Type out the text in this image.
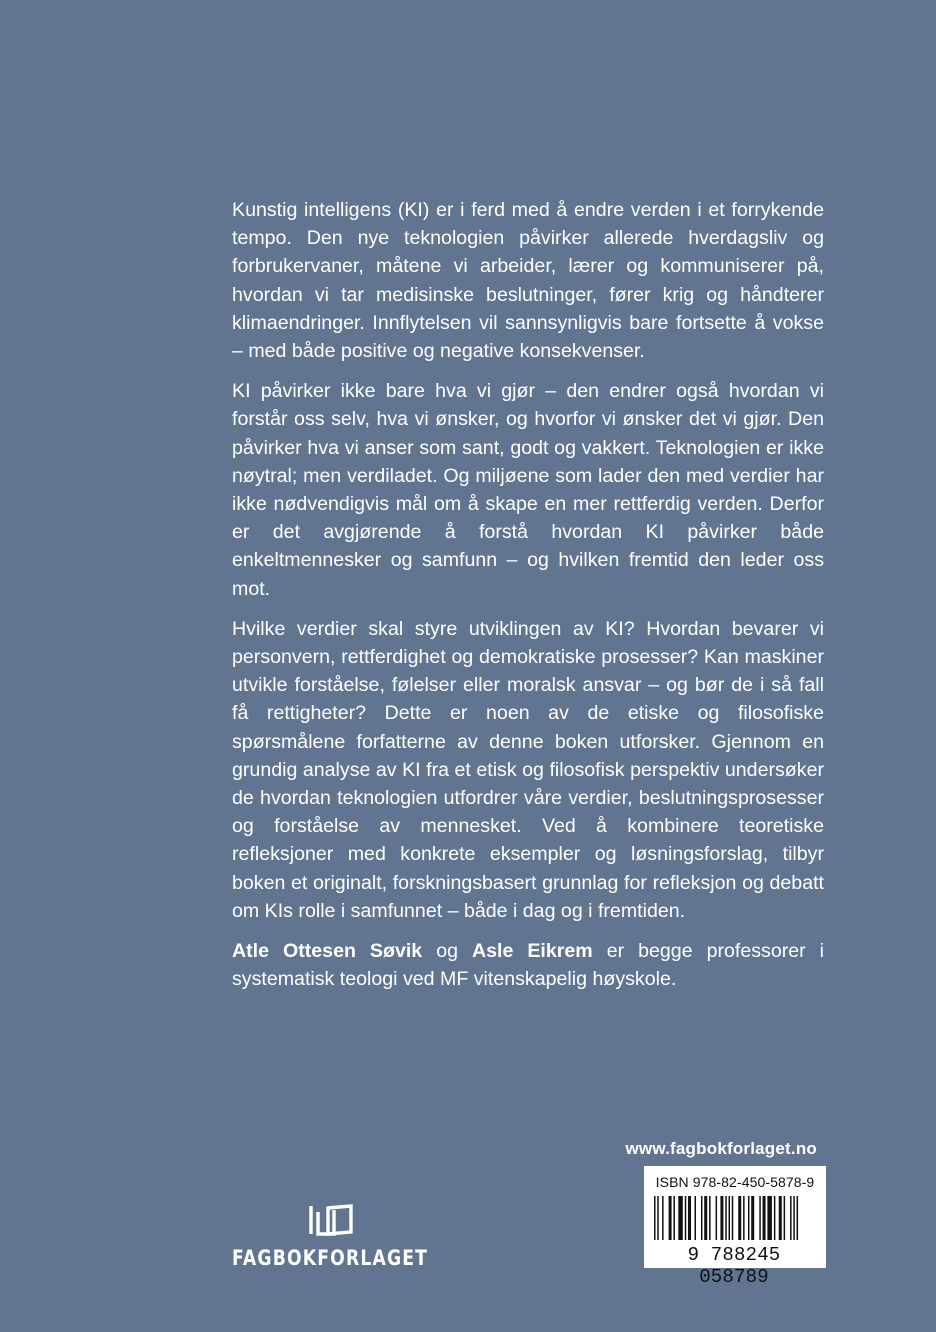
Kunstig intelligens (KI) er i ferd med å endre verden i et forrykende tempo. Den nye teknologien påvirker allerede hverdagsliv og forbrukervaner, måtene vi arbeider, lærer og kommuniserer på, hvordan vi tar medisinske beslutninger, fører krig og håndterer klimaendringer. Innflytelsen vil sannsynligvis bare fortsette å vokse – med både positive og negative konsekvenser.

KI påvirker ikke bare hva vi gjør – den endrer også hvordan vi forstår oss selv, hva vi ønsker, og hvorfor vi ønsker det vi gjør. Den påvirker hva vi anser som sant, godt og vakkert. Teknologien er ikke nøytral; men verdiladet. Og miljøene som lader den med verdier har ikke nødvendigvis mål om å skape en mer rettferdig verden. Derfor er det avgjørende å forstå hvordan KI påvirker både enkeltmennesker og samfunn – og hvilken fremtid den leder oss mot.

Hvilke verdier skal styre utviklingen av KI? Hvordan bevarer vi personvern, rettferdighet og demokratiske prosesser? Kan maskiner utvikle forståelse, følelser eller moralsk ansvar – og bør de i så fall få rettigheter? Dette er noen av de etiske og filosofiske spørsmålene forfatterne av denne boken utforsker. Gjennom en grundig analyse av KI fra et etisk og filosofisk perspektiv undersøker de hvordan teknologien utfordrer våre verdier, beslutningsprosesser og forståelse av mennesket. Ved å kombinere teoretiske refleksjoner med konkrete eksempler og løsningsforslag, tilbyr boken et originalt, forskningsbasert grunnlag for refleksjon og debatt om KIs rolle i samfunnet – både i dag og i fremtiden.

Atle Ottesen Søvik og Asle Eikrem er begge professorer i systematisk teologi ved MF vitenskapelig høyskole.

www.fagbokforlaget.no
ISBN 978-82-450-5878-9
9 788245 058789
FAGBOKFORLAGET
